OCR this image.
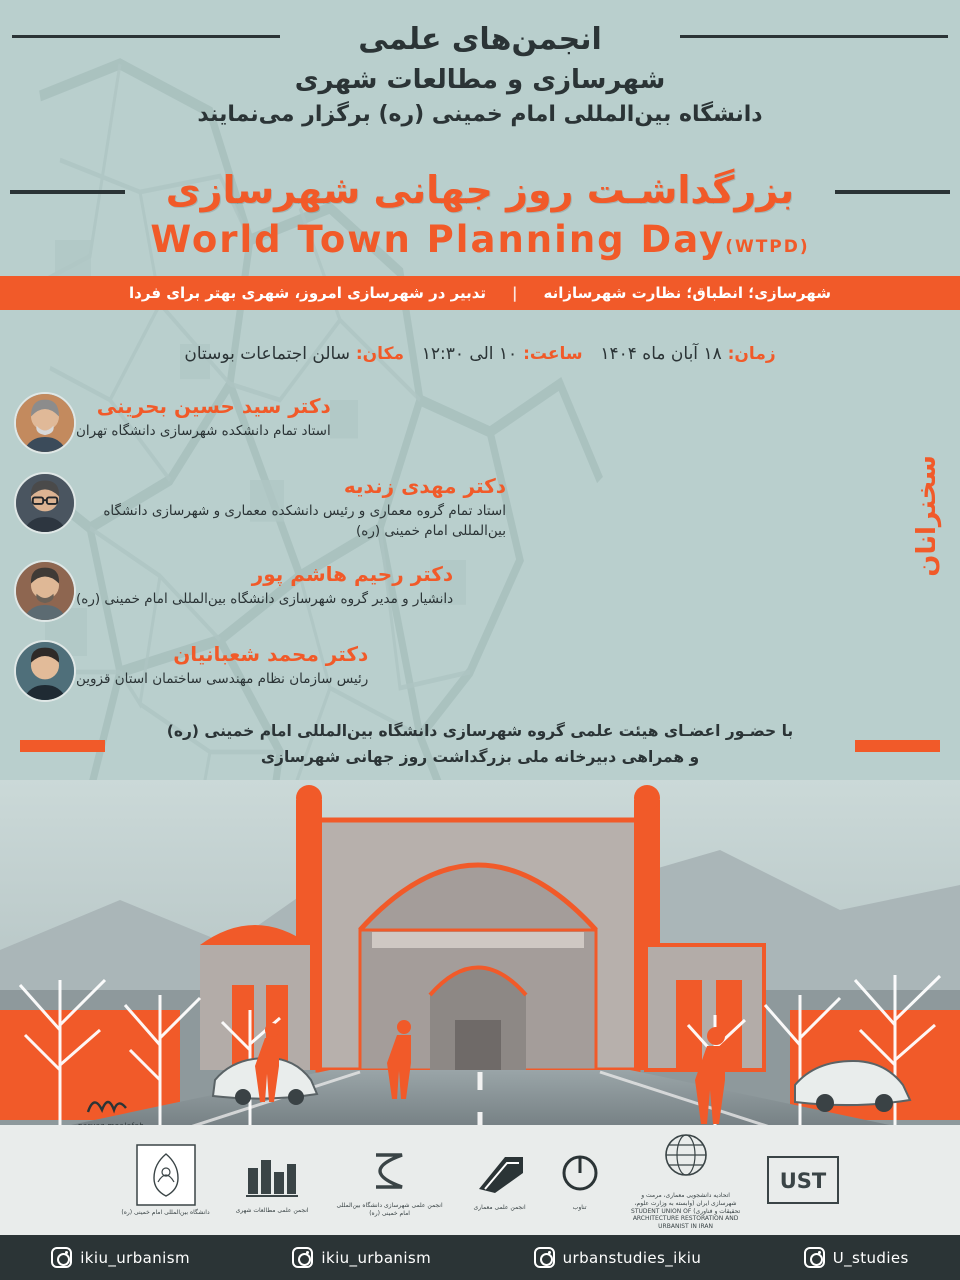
انجمن‌های علمی
شهرسازی و مطالعات شهری
دانشگاه بین‌المللی امام خمینی (ره) برگزار می‌نمایند
بزرگداشـت روز جهانی شهرسازی
World Town Planning Day(WTPD)
شهرسازی؛ انطباق؛ نظارت شهرسازانه
|
تدبیر در شهرسازی امروز، شهری بهتر برای فردا
زمان: ۱۸ آبان ماه ۱۴۰۴   ساعت: ۱۰ الی ۱۲:۳۰   مکان: سالن اجتماعات بوستان
سخنرانان
دکتر سید حسین بحرینی
استاد تمام دانشکده شهرسازی دانشگاه تهران
دکتر مهدی زندیه
استاد تمام گروه معماری و رئیس دانشکده معماری و شهرسازی دانشگاه بین‌المللی امام خمینی (ره)
دکتر رحیم هاشم پور
دانشیار و مدیر گروه شهرسازی دانشگاه بین‌المللی امام خمینی (ره)
دکتر محمد شعبانیان
رئیس سازمان نظام مهندسی ساختمان استان قزوین
با حضـور اعضـای هیئت علمی گروه شهرسازی دانشگاه بین‌المللی امام خمینی (ره)
و همراهی دبیرخانه ملی بزرگداشت روز جهانی شهرسازی
دانشگاه بین‌المللی امام خمینی (ره)	انجمن علمی مطالعات شهری
انجمن علمی شهرسازی دانشگاه بین‌المللی امام خمینی (ره)
انجمن علمی معماری	تناوب
اتحادیه دانشجویی معماری، مرمت و شهرسازی ایران (وابسته به وزارت علوم، تحقیقات و فناوری) STUDENT UNION OF ARCHITECTURE RESTORATION AND URBANIST IN IRAN
UST
ikiu_urbanism	ikiu_urbanism	urbanstudies_ikiu	U_studies
